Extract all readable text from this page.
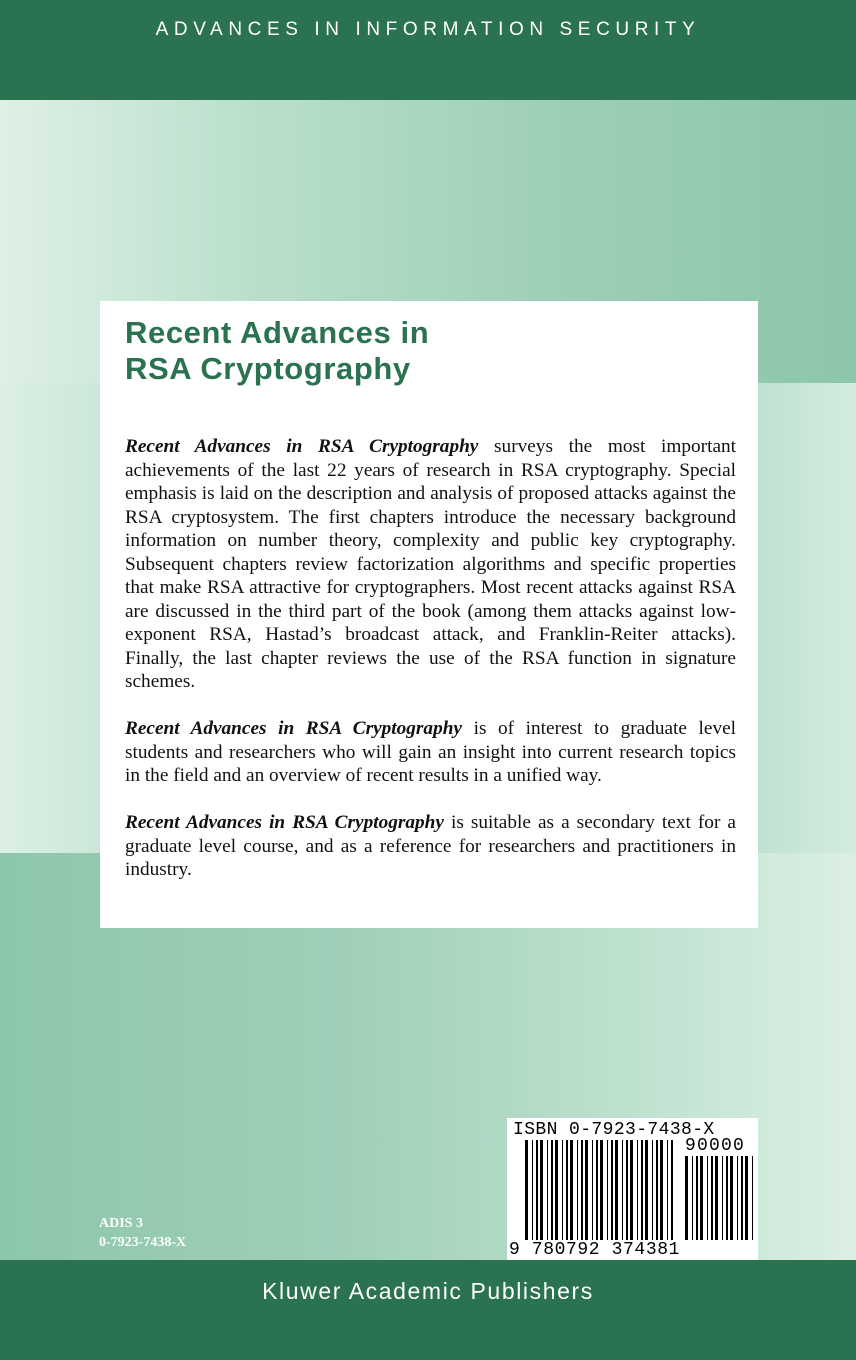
ADVANCES IN INFORMATION SECURITY
Recent Advances in
RSA Cryptography

Recent Advances in RSA Cryptography surveys the most important achievements of the last 22 years of research in RSA cryptography. Special emphasis is laid on the description and analysis of proposed attacks against the RSA cryptosystem. The first chapters introduce the necessary background information on number theory, complexity and public key cryptography. Subsequent chapters review factorization algorithms and specific properties that make RSA attractive for cryptographers. Most recent attacks against RSA are discussed in the third part of the book (among them attacks against low-exponent RSA, Hastad’s broadcast attack, and Franklin-Reiter attacks). Finally, the last chapter reviews the use of the RSA function in signature schemes.

Recent Advances in RSA Cryptography is of interest to graduate level students and researchers who will gain an insight into current research topics in the field and an overview of recent results in a unified way.

Recent Advances in RSA Cryptography is suitable as a secondary text for a graduate level course, and as a reference for researchers and practitioners in industry.

ADIS 3
0-7923-7438-X
ISBN 0-7923-7438-X
90000
9 780792 374381
Kluwer Academic Publishers
